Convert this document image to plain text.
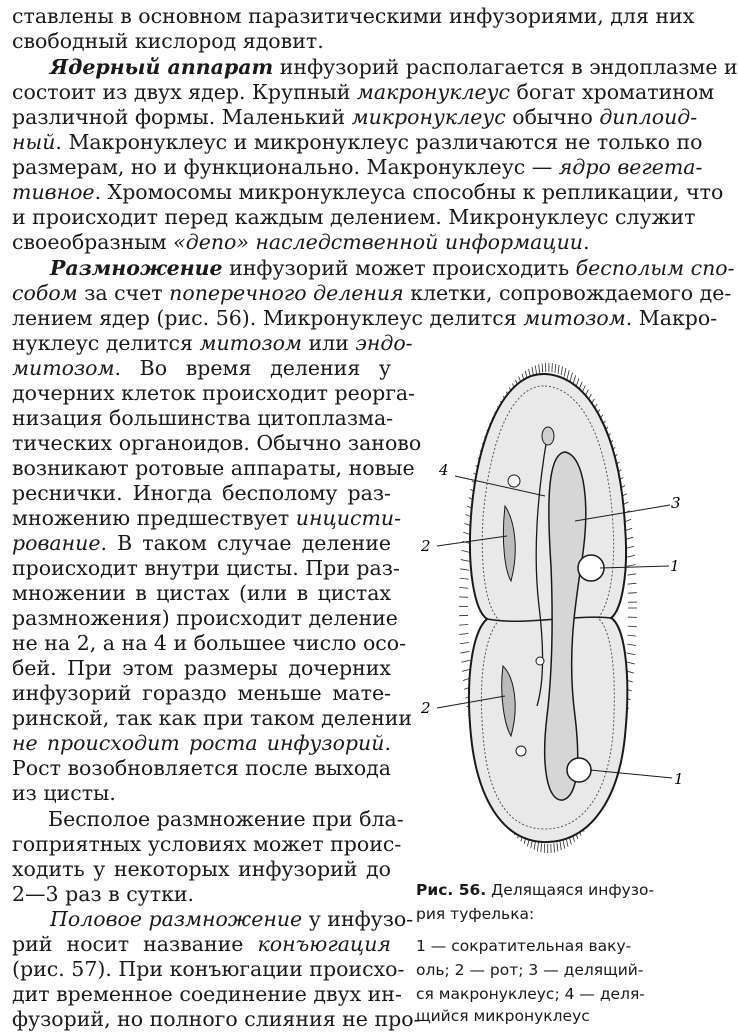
ставлены в основном паразитическими инфузориями, для них
свободный кислород ядовит.
Ядерный аппарат инфузорий располагается в эндоплазме и
состоит из двух ядер. Крупный макронуклеус богат хроматином
различной формы. Маленький микронуклеус обычно диплоид-
ный. Макронуклеус и микронуклеус различаются не только по
размерам, но и функционально. Макронуклеус — ядро вегета-
тивное. Хромосомы микронуклеуса способны к репликации, что
и происходит перед каждым делением. Микронуклеус служит
своеобразным «депо» наследственной информации.
Размножение инфузорий может происходить бесполым спо-
собом за счет поперечного деления клетки, сопровождаемого де-
лением ядер (рис. 56). Микронуклеус делится митозом. Макро-
нуклеус делится митозом или эндо-
митозом. Во время деления у
дочерних клеток происходит реорга-
низация большинства цитоплазма-
тических органоидов. Обычно заново
возникают ротовые аппараты, новые
реснички. Иногда бесполому раз-
множению предшествует инцисти-
рование. В таком случае деление
происходит внутри цисты. При раз-
множении в цистах (или в цистах
размножения) происходит деление
не на 2, а на 4 и большее число осо-
бей. При этом размеры дочерних
инфузорий гораздо меньше мате-
ринской, так как при таком делении
не происходит роста инфузорий.
Рост возобновляется после выхода
из цисты.
Бесполое размножение при бла-
гоприятных условиях может проис-
ходить у некоторых инфузорий до
2—3 раз в сутки.
Половое размножение у инфузо-
рий носит название конъюгация
(рис. 57). При конъюгации происхо-
дит временное соединение двух ин-
фузорий, но полного слияния не про-
4
3
2
1
2
1
Рис. 56. Делящаяся инфузо-
рия туфелька:
1 — сократительная ваку-
оль; 2 — рот; 3 — делящий-
ся макронуклеус; 4 — деля-
щийся микронуклеус
